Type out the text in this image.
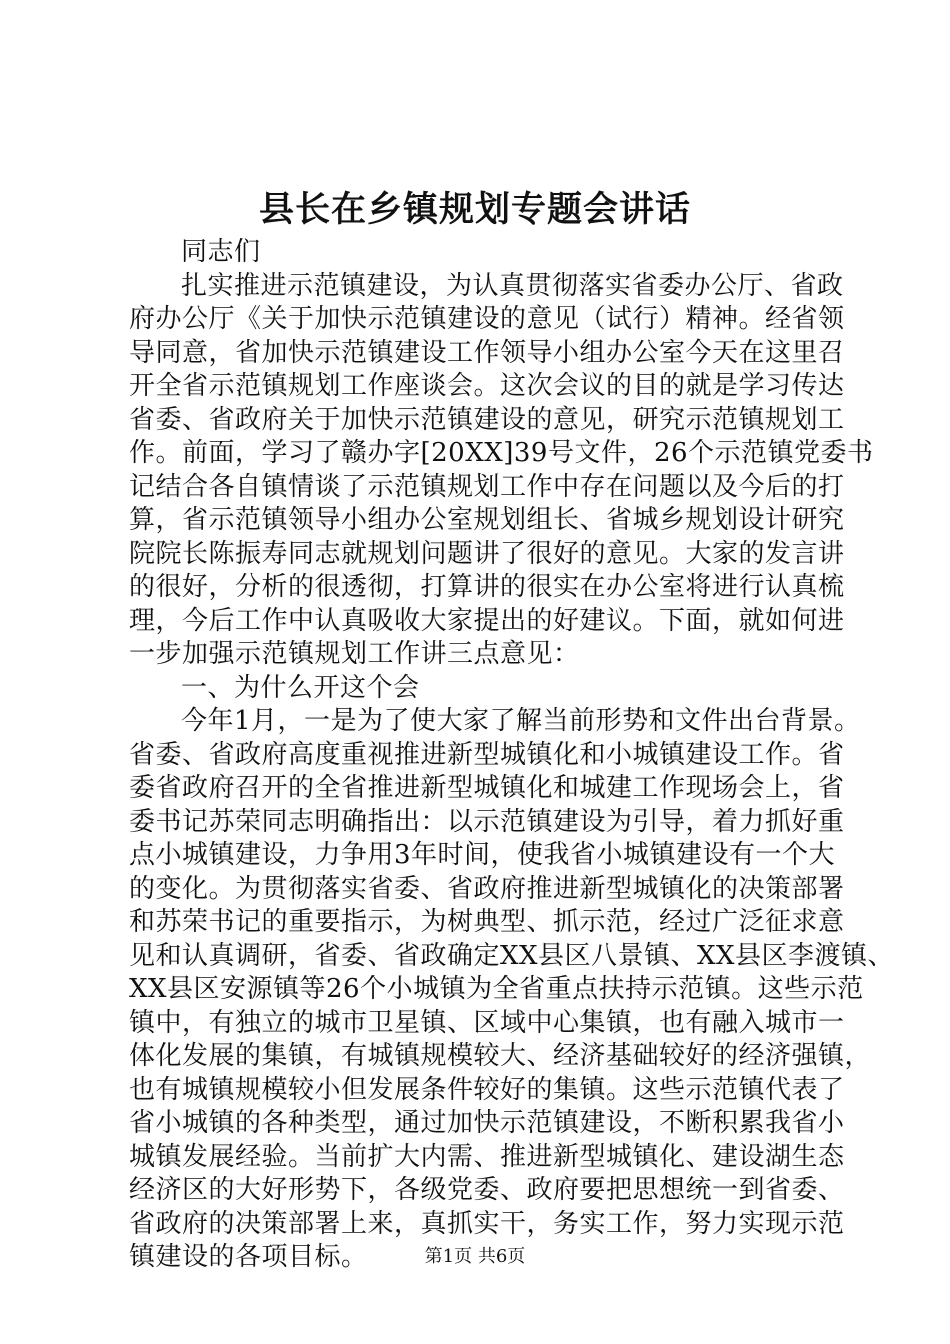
县长在乡镇规划专题会讲话
同志们
扎实推进示范镇建设，为认真贯彻落实省委办公厅、省政
府办公厅《关于加快示范镇建设的意见（试行）精神。经省领
导同意，省加快示范镇建设工作领导小组办公室今天在这里召
开全省示范镇规划工作座谈会。这次会议的目的就是学习传达
省委、省政府关于加快示范镇建设的意见，研究示范镇规划工
作。前面，学习了赣办字[20XX]39号文件，26个示范镇党委书
记结合各自镇情谈了示范镇规划工作中存在问题以及今后的打
算，省示范镇领导小组办公室规划组长、省城乡规划设计研究
院院长陈振寿同志就规划问题讲了很好的意见。大家的发言讲
的很好，分析的很透彻，打算讲的很实在办公室将进行认真梳
理，今后工作中认真吸收大家提出的好建议。下面，就如何进
一步加强示范镇规划工作讲三点意见：
一、为什么开这个会
今年1月，一是为了使大家了解当前形势和文件出台背景。
省委、省政府高度重视推进新型城镇化和小城镇建设工作。省
委省政府召开的全省推进新型城镇化和城建工作现场会上，省
委书记苏荣同志明确指出：以示范镇建设为引导，着力抓好重
点小城镇建设，力争用3年时间，使我省小城镇建设有一个大
的变化。为贯彻落实省委、省政府推进新型城镇化的决策部署
和苏荣书记的重要指示，为树典型、抓示范，经过广泛征求意
见和认真调研，省委、省政确定XX县区八景镇、XX县区李渡镇、
XX县区安源镇等26个小城镇为全省重点扶持示范镇。这些示范
镇中，有独立的城市卫星镇、区域中心集镇，也有融入城市一
体化发展的集镇，有城镇规模较大、经济基础较好的经济强镇，
也有城镇规模较小但发展条件较好的集镇。这些示范镇代表了
省小城镇的各种类型，通过加快示范镇建设，不断积累我省小
城镇发展经验。当前扩大内需、推进新型城镇化、建设湖生态
经济区的大好形势下，各级党委、政府要把思想统一到省委、
省政府的决策部署上来，真抓实干，务实工作，努力实现示范
镇建设的各项目标。	第1页 共6页
